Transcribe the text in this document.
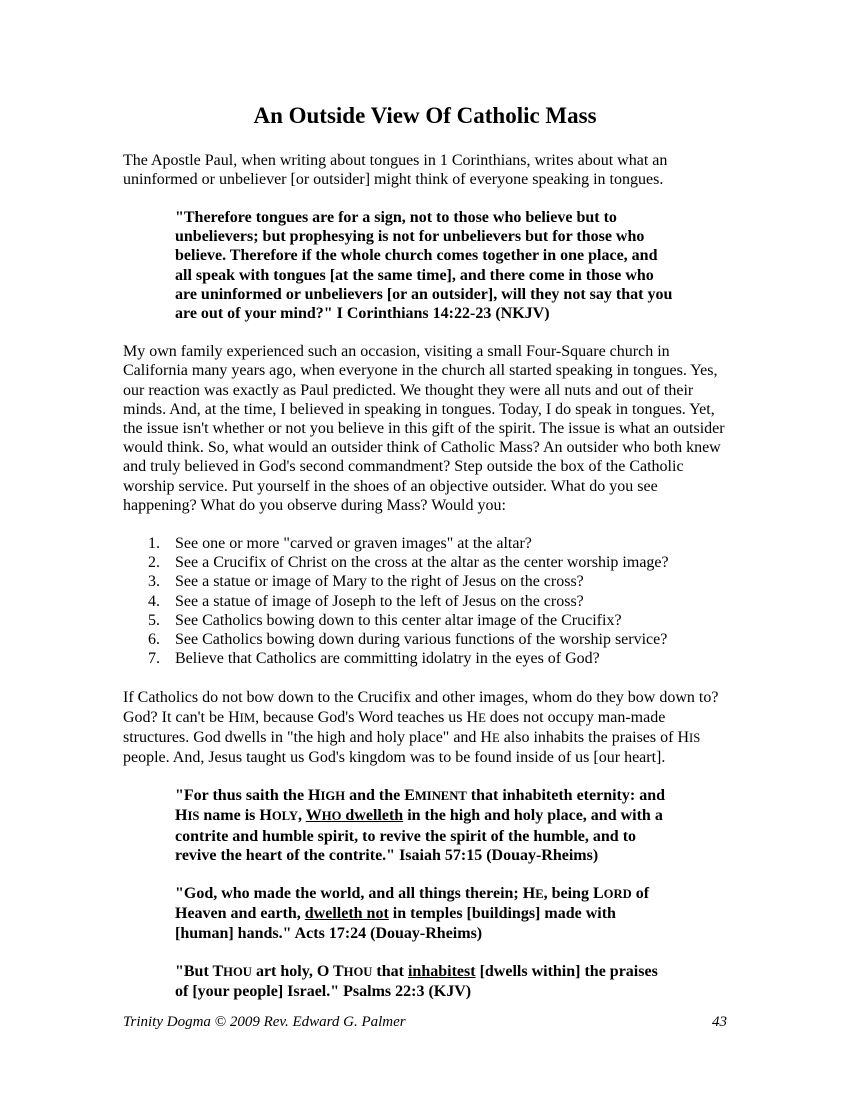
An Outside View Of Catholic Mass

The Apostle Paul, when writing about tongues in 1 Corinthians, writes about what an uninformed or unbeliever [or outsider] might think of everyone speaking in tongues.

"Therefore tongues are for a sign, not to those who believe but to unbelievers; but prophesying is not for unbelievers but for those who believe. Therefore if the whole church comes together in one place, and all speak with tongues [at the same time], and there come in those who are uninformed or unbelievers [or an outsider], will they not say that you are out of your mind?" I Corinthians 14:22-23 (NKJV)

My own family experienced such an occasion, visiting a small Four-Square church in California many years ago, when everyone in the church all started speaking in tongues. Yes, our reaction was exactly as Paul predicted. We thought they were all nuts and out of their minds. And, at the time, I believed in speaking in tongues. Today, I do speak in tongues. Yet, the issue isn't whether or not you believe in this gift of the spirit. The issue is what an outsider would think. So, what would an outsider think of Catholic Mass? An outsider who both knew and truly believed in God's second commandment? Step outside the box of the Catholic worship service. Put yourself in the shoes of an objective outsider. What do you see happening? What do you observe during Mass? Would you:

See one or more "carved or graven images" at the altar?
See a Crucifix of Christ on the cross at the altar as the center worship image?
See a statue or image of Mary to the right of Jesus on the cross?
See a statue of image of Joseph to the left of Jesus on the cross?
See Catholics bowing down to this center altar image of the Crucifix?
See Catholics bowing down during various functions of the worship service?
Believe that Catholics are committing idolatry in the eyes of God?

If Catholics do not bow down to the Crucifix and other images, whom do they bow down to? God? It can't be HIM, because God's Word teaches us HE does not occupy man-made structures. God dwells in "the high and holy place" and HE also inhabits the praises of HIS people. And, Jesus taught us God's kingdom was to be found inside of us [our heart].

"For thus saith the HIGH and the EMINENT that inhabiteth eternity: and HIS name is HOLY, WHO dwelleth in the high and holy place, and with a contrite and humble spirit, to revive the spirit of the humble, and to revive the heart of the contrite." Isaiah 57:15 (Douay-Rheims)
"God, who made the world, and all things therein; HE, being LORD of Heaven and earth, dwelleth not in temples [buildings] made with [human] hands." Acts 17:24 (Douay-Rheims)
"But THOU art holy, O THOU that inhabitest [dwells within] the praises of [your people] Israel." Psalms 22:3 (KJV)
Trinity Dogma © 2009 Rev. Edward G. Palmer	43
